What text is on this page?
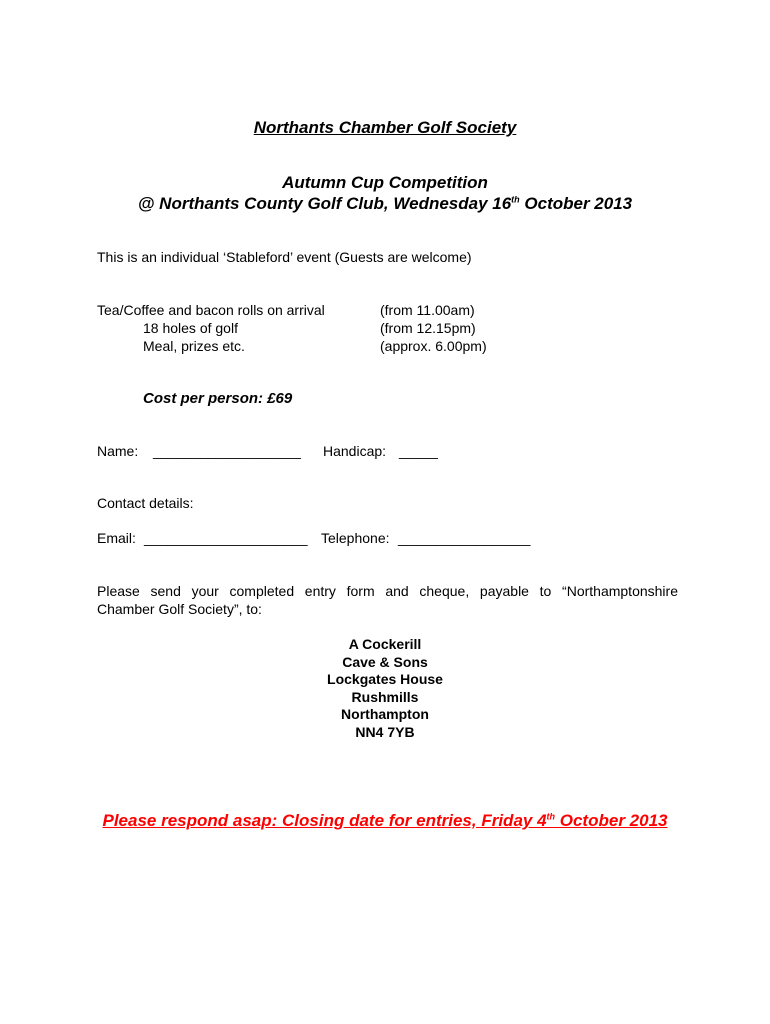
Northants Chamber Golf Society
Autumn Cup Competition
@ Northants County Golf Club, Wednesday 16th October 2013
This is an individual ‘Stableford’ event (Guests are welcome)
Tea/Coffee and bacon rolls on arrival	(from 11.00am)
18 holes of golf	(from 12.15pm)
Meal, prizes etc.	(approx. 6.00pm)
Cost per person: £69
Name: ___________________ Handicap: _____
Contact details:
Email: _____________________ Telephone: _________________
Please send your completed entry form and cheque, payable to “Northamptonshire
Chamber Golf Society”, to:
A Cockerill
Cave & Sons
Lockgates House
Rushmills
Northampton
NN4 7YB
Please respond asap: Closing date for entries, Friday 4th October 2013
